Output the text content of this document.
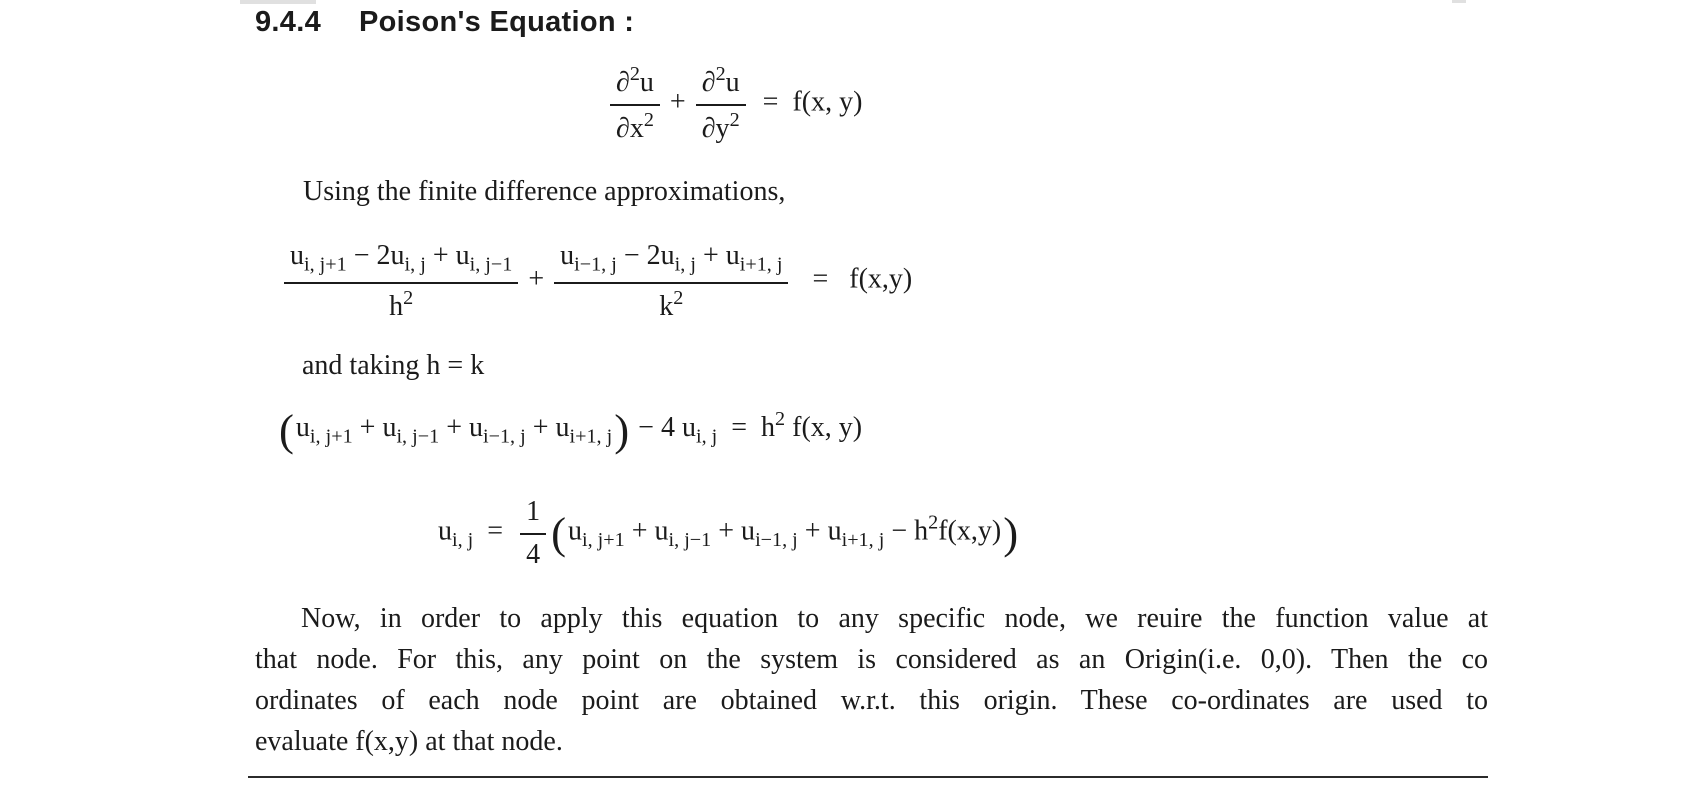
9.4.4 Poison's Equation :
$\frac{\partial^2u}{\partial x^2} + \frac{\partial^2u}{\partial y^2} = f(x$, y)
Using the finite difference approximations,
$\frac{u_{i, j+1} - 2u_{i, j} + u_{i, j-1}}{h^2} + \frac{u_{i-1, j} - 2u_{i, j} + u_{i+1, j}}{k^2} = f(x,y)$
and taking h = k
$(u_{i, j+1} + u_{i, j-1} + u_{i-1, j} + u_{i+1, j}) - 4$ $u_{i, j} = h^2$ f(x, y)
$u_{i, j} = \frac{1}{4} (u_{i, j+1} + u_{i, j-1} + u_{i-1, j} + u_{i+1, j} - h^2f(x,y))$
Now, in order to apply this equation to any specific node, we reuire the function value at
that node. For this, any point on the system is considered as an Origin(i.e. 0,0). Then the co
ordinates of each node point are obtained w.r.t. this origin. These co-ordinates are used to
evaluate f(x,y) at that node.
